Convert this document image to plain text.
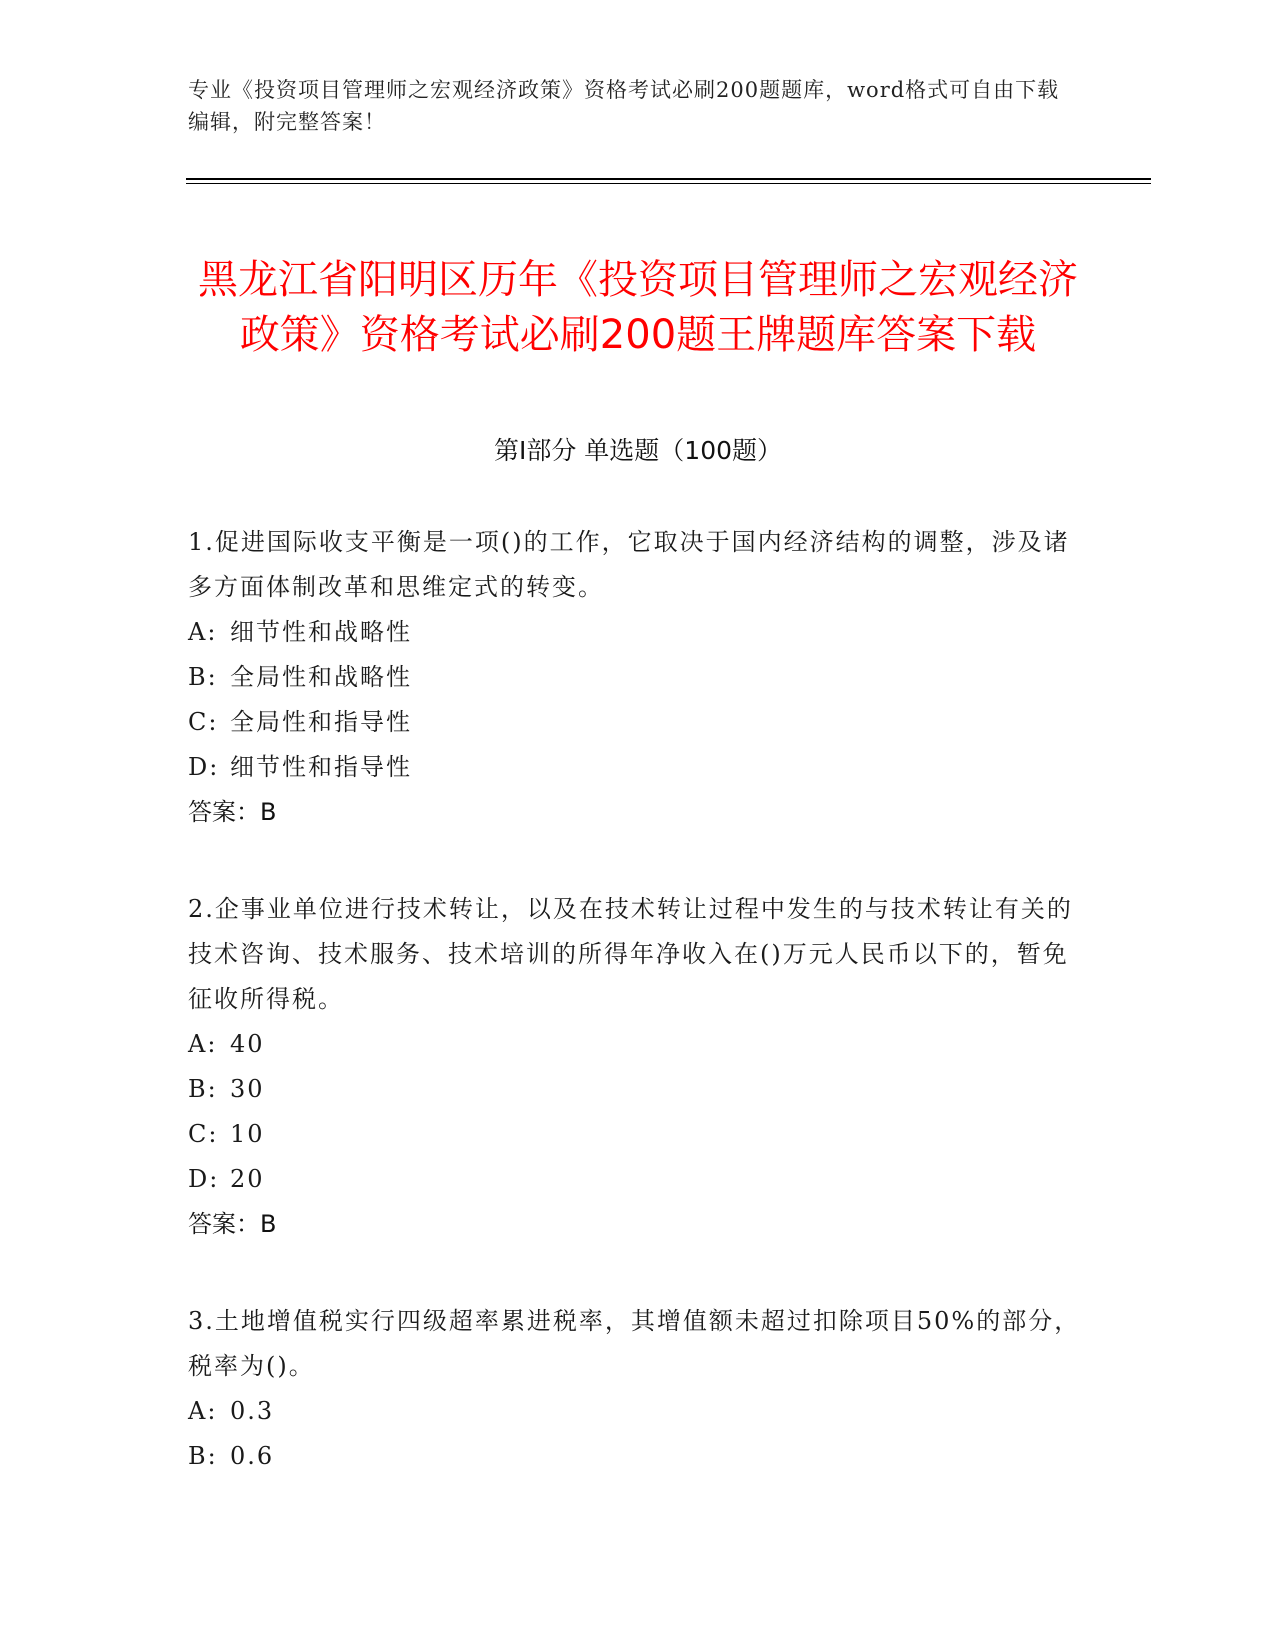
专业《投资项目管理师之宏观经济政策》资格考试必刷200题题库，word格式可自由下载编辑，附完整答案！
黑龙江省阳明区历年《投资项目管理师之宏观经济政策》资格考试必刷200题王牌题库答案下载
第Ⅰ部分 单选题（100题）
1.促进国际收支平衡是一项()的工作，它取决于国内经济结构的调整，涉及诸多方面体制改革和思维定式的转变。
A: 细节性和战略性
B: 全局性和战略性
C: 全局性和指导性
D: 细节性和指导性
答案：B
2.企事业单位进行技术转让，以及在技术转让过程中发生的与技术转让有关的技术咨询、技术服务、技术培训的所得年净收入在()万元人民币以下的，暂免征收所得税。
A: 40
B: 30
C: 10
D: 20
答案：B
3.土地增值税实行四级超率累进税率，其增值额未超过扣除项目50%的部分，税率为()。
A: 0.3
B: 0.6
